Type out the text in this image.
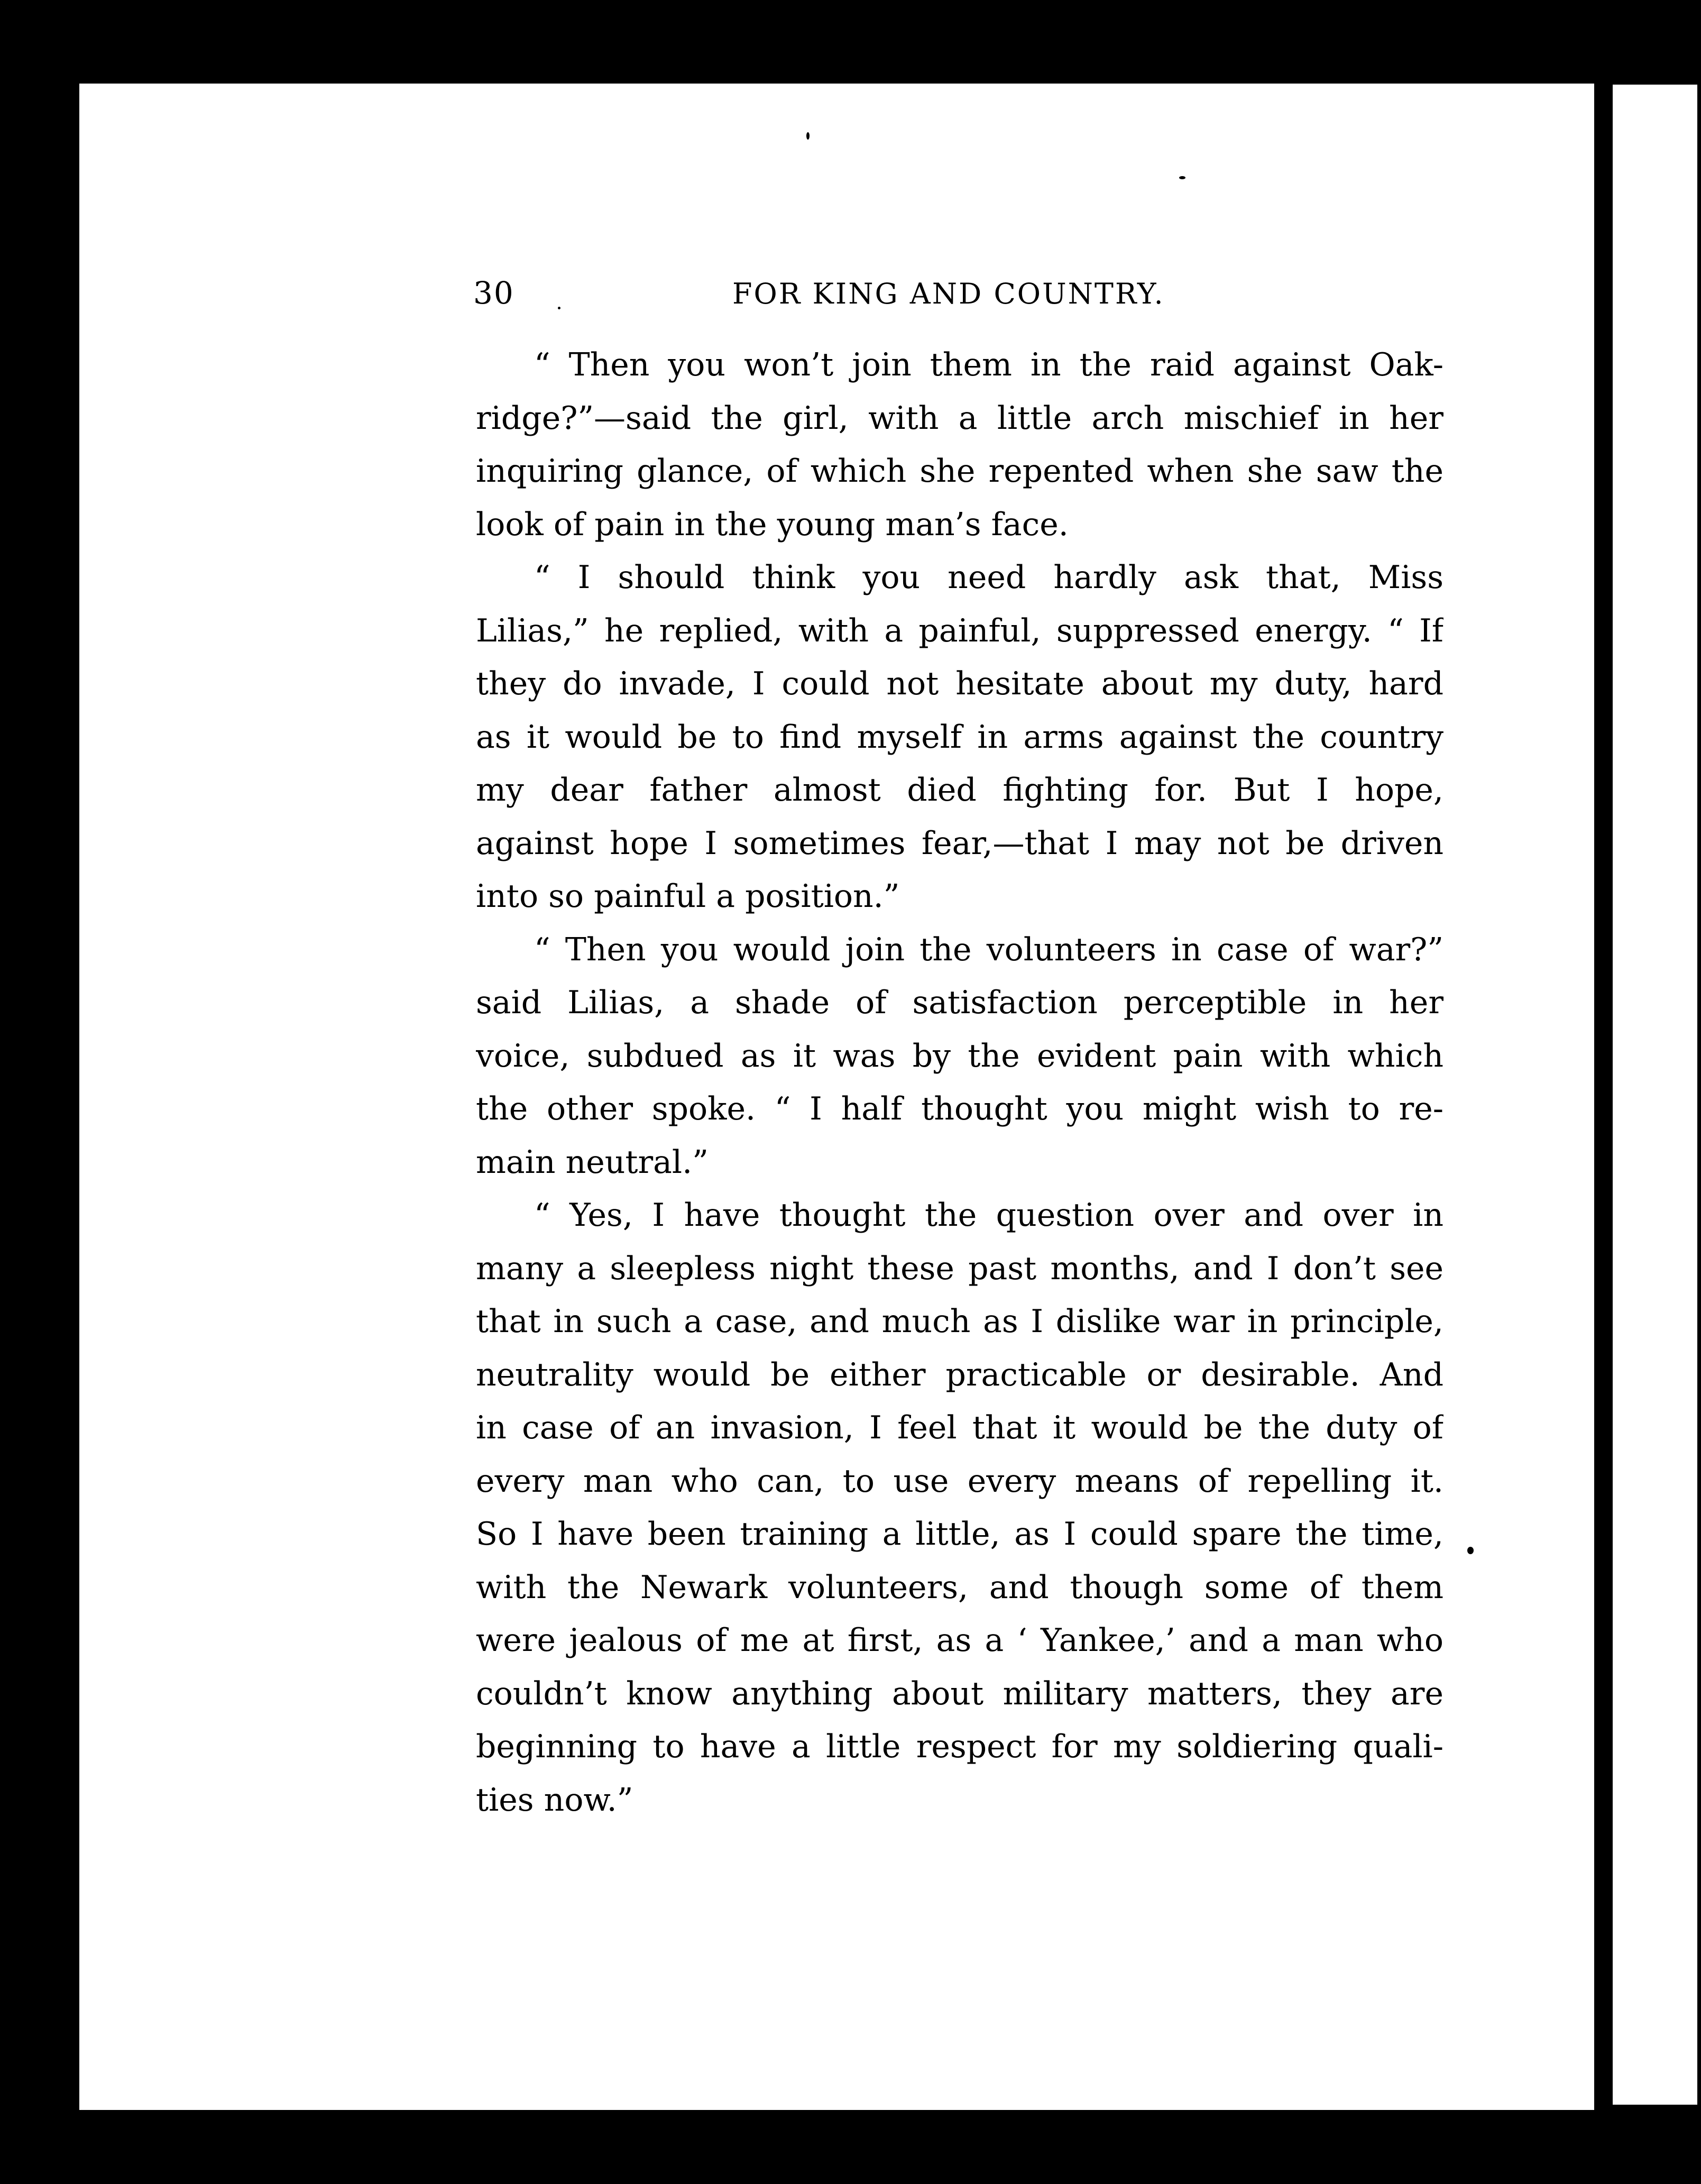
30	FOR KING AND COUNTRY.
“ Then you won’t join them in the raid against Oak-
ridge?”—said the girl, with a little arch mischief in her
inquiring glance, of which she repented when she saw the
look of pain in the young man’s face.
“ I should think you need hardly ask that, Miss
Lilias,” he replied, with a painful, suppressed energy. “ If
they do invade, I could not hesitate about my duty, hard
as it would be to find myself in arms against the country
my dear father almost died fighting for. But I hope,
against hope I sometimes fear,—that I may not be driven
into so painful a position.”
“ Then you would join the volunteers in case of war?”
said Lilias, a shade of satisfaction perceptible in her
voice, subdued as it was by the evident pain with which
the other spoke. “ I half thought you might wish to re-
main neutral.”
“ Yes, I have thought the question over and over in
many a sleepless night these past months, and I don’t see
that in such a case, and much as I dislike war in principle,
neutrality would be either practicable or desirable. And
in case of an invasion, I feel that it would be the duty of
every man who can, to use every means of repelling it.
So I have been training a little, as I could spare the time,
with the Newark volunteers, and though some of them
were jealous of me at first, as a ‘ Yankee,’ and a man who
couldn’t know anything about military matters, they are
beginning to have a little respect for my soldiering quali-
ties now.”
